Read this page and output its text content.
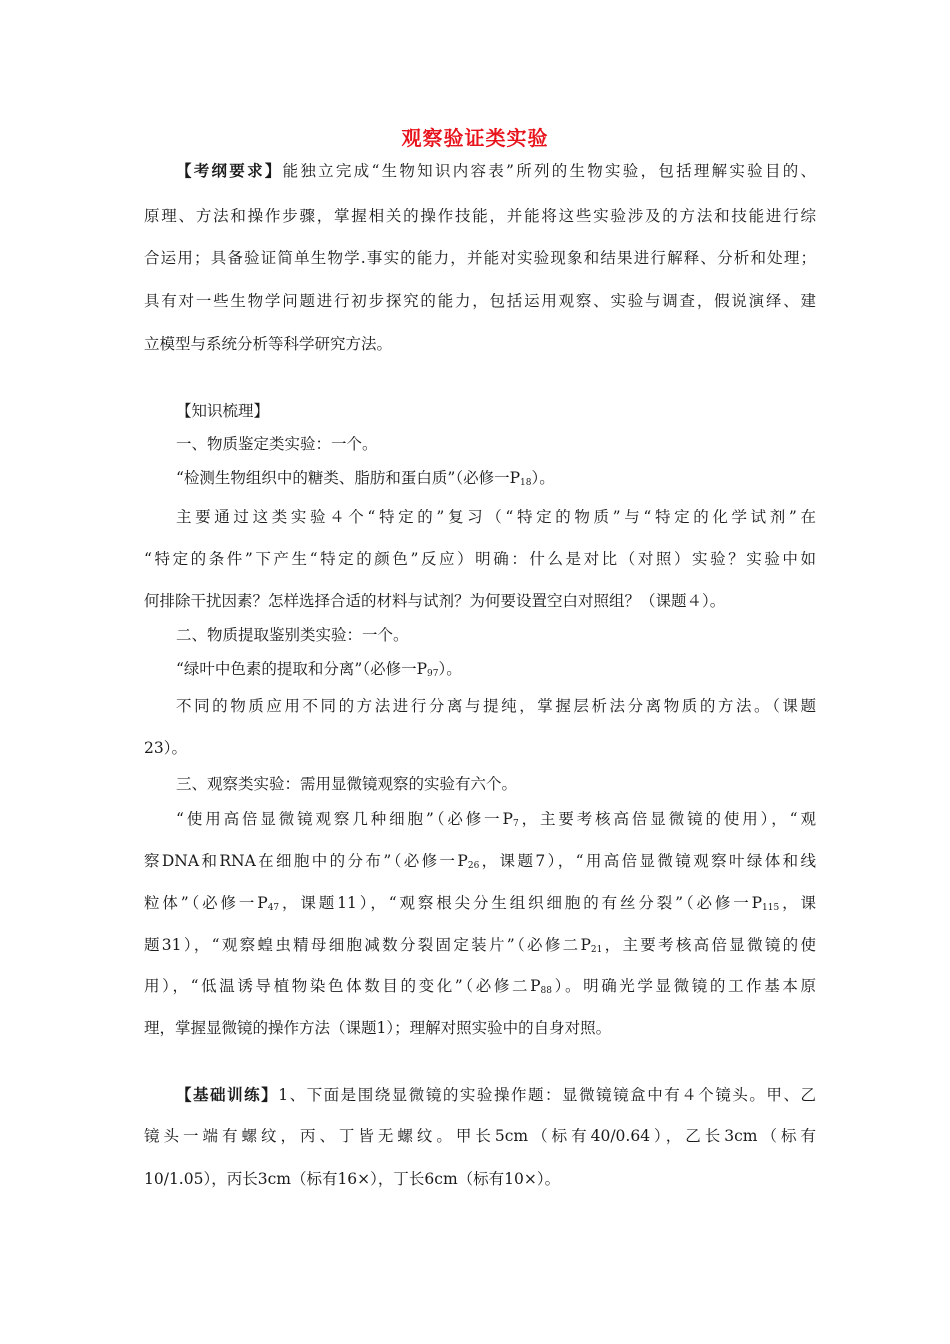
观察验证类实验
【考纲要求】能独立完成“生物知识内容表”所列的生物实验，包括理解实验目的、
原理、方法和操作步骤，掌握相关的操作技能，并能将这些实验涉及的方法和技能进行综
合运用；具备验证简单生物学.事实的能力，并能对实验现象和结果进行解释、分析和处理；
具有对一些生物学问题进行初步探究的能力，包括运用观察、实验与调查，假说演绎、建
立模型与系统分析等科学研究方法。
【知识梳理】
一、物质鉴定类实验：一个。
“检测生物组织中的糖类、脂肪和蛋白质”（必修一$P_{18}$）。
主要通过这类实验４个“特定的”复习（“特定的物质”与“特定的化学试剂”在
“特定的条件”下产生“特定的颜色”反应）明确：什么是对比（对照）实验？实验中如
何排除干扰因素？怎样选择合适的材料与试剂？为何要设置空白对照组？（课题４）。
二、物质提取鉴别类实验：一个。
“绿叶中色素的提取和分离”（必修一$P_{97}$）。
不同的物质应用不同的方法进行分离与提纯，掌握层析法分离物质的方法。（课题
23）。
三、观察类实验：需用显微镜观察的实验有六个。
“使用高倍显微镜观察几种细胞”（必修一$P_7$，主要考核高倍显微镜的使用），“观
察DNA和RNA在细胞中的分布”（必修一$P_{26}$，课题7），“用高倍显微镜观察叶绿体和线
粒体”（必修一$P_{47}$，课题11），“观察根尖分生组织细胞的有丝分裂”（必修一$P_{115}$，课
题31），“观察蝗虫精母细胞减数分裂固定装片”（必修二$P_{21}$，主要考核高倍显微镜的使
用），“低温诱导植物染色体数目的变化”（必修二$P_{88}$）。明确光学显微镜的工作基本原
理，掌握显微镜的操作方法（课题1）；理解对照实验中的自身对照。
【基础训练】1、下面是围绕显微镜的实验操作题：显微镜镜盒中有４个镜头。甲、乙
镜头一端有螺纹，丙、丁皆无螺纹。甲长5cm（标有40/0.64），乙长3cm（标有
10/1.05），丙长3cm（标有16×），丁长6cm（标有10×）。
